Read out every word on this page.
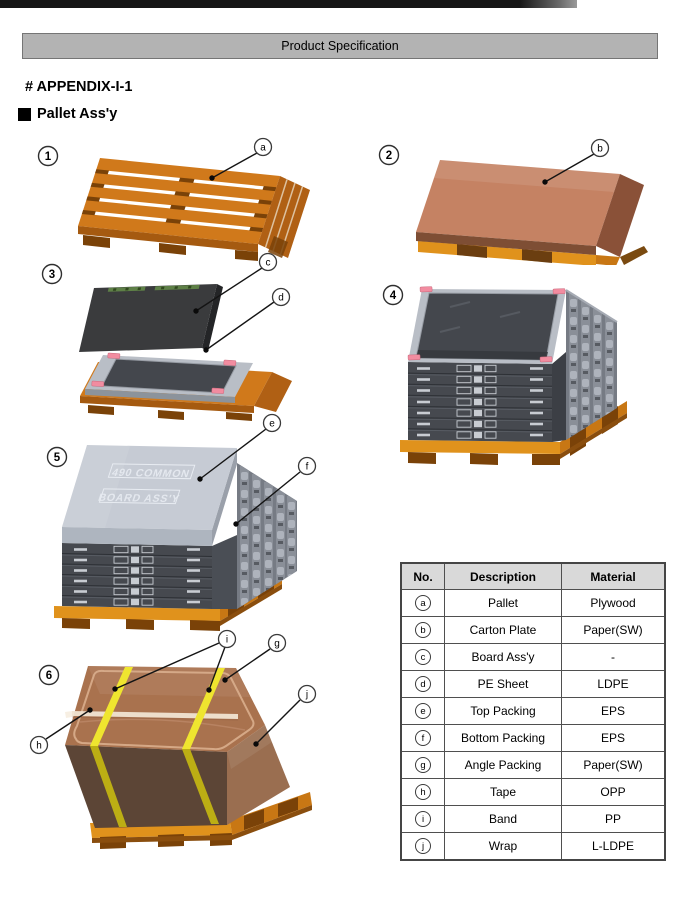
Product Specification
# APPENDIX-I-1
Pallet Ass'y
1
a
2
b
3
c
d	4
490 COMMON
BOARD ASS'Y
5
e
f
6
h
i	g
j
No.	Description	Material
a	Pallet	Plywood
b	Carton Plate	Paper(SW)
c	Board Ass'y	-
d	PE Sheet	LDPE
e	Top Packing	EPS
f	Bottom Packing	EPS
g	Angle Packing	Paper(SW)
h	Tape	OPP
i	Band	PP
j	Wrap	L-LDPE
